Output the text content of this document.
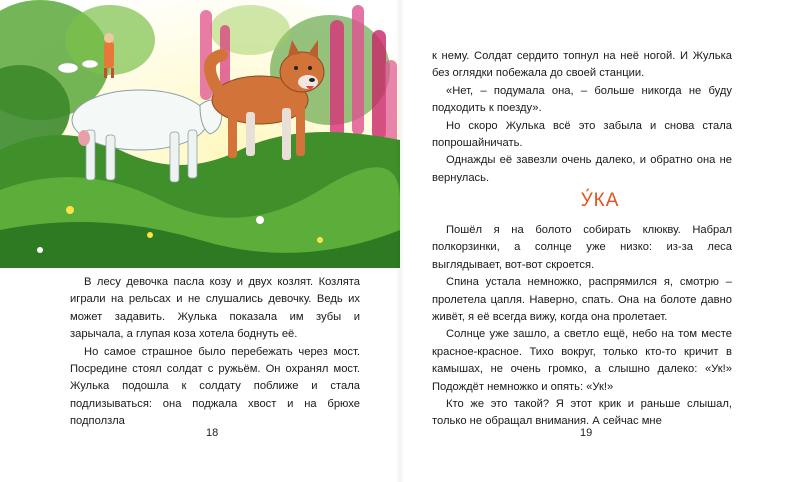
В лесу девочка пасла козу и двух козлят. Козлята играли на рельсах и не слушались девочку. Ведь их может задавить. Жулька показала им зубы и зарычала, а глупая коза хотела боднуть её.

Но самое страшное было перебежать через мост. Посредине стоял солдат с ружьём. Он охранял мост. Жулька подошла к солдату поближе и стала подлизываться: она поджала хвост и на брюхе подползла

18

к нему. Солдат сердито топнул на неё ногой. И Жулька без оглядки побежала до своей станции.

«Нет, – подумала она, – больше никогда не буду подходить к поезду».

Но скоро Жулька всё это забыла и снова стала попрошайничать.

Однажды её завезли очень далеко, и обратно она не вернулась.

У́КА

Пошёл я на болото собирать клюкву. Набрал полкорзинки, а солнце уже низко: из-за леса выглядывает, вот-вот скроется.

Спина устала немножко, распрямился я, смотрю – пролетела цапля. Наверно, спать. Она на болоте давно живёт, я её всегда вижу, когда она пролетает.

Солнце уже зашло, а светло ещё, небо на том месте красное-красное. Тихо вокруг, только кто-то кричит в камышах, не очень громко, а слышно далеко: «Ук!» Подождёт немножко и опять: «Ук!»

Кто же это такой? Я этот крик и раньше слышал, только не обращал внимания. А сейчас мне

19
